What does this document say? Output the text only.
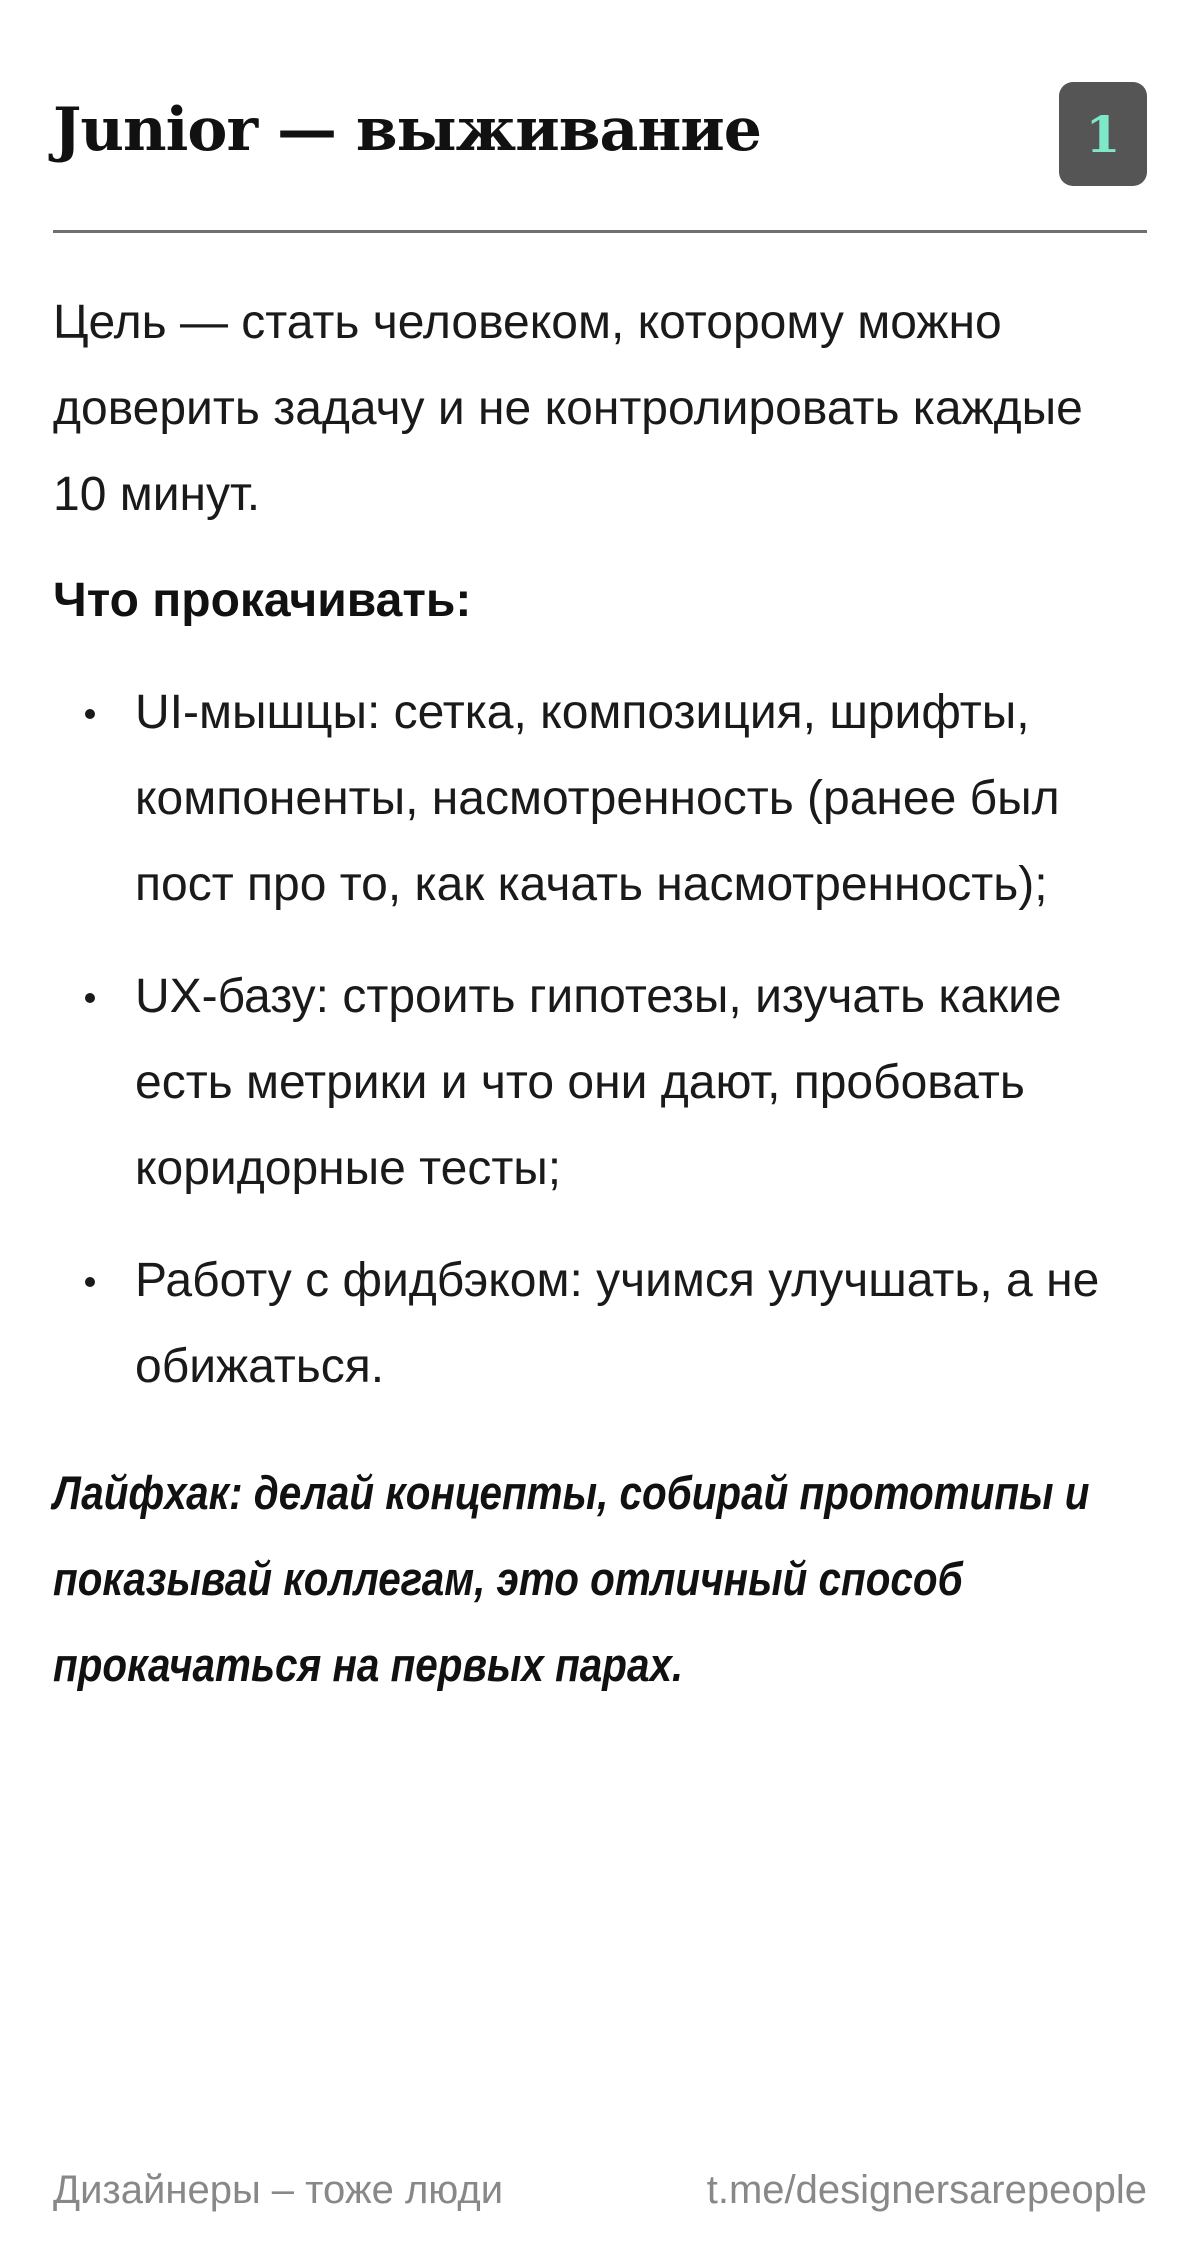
Junior — выживание	1

Цель — стать человеком, которому можно доверить задачу и не контролировать каждые 10 минут.

Что прокачивать:

UI-мышцы: сетка, композиция, шрифты, компоненты, насмотренность (ранее был пост про то, как качать насмотренность);
UX-базу: строить гипотезы, изучать какие есть метрики и что они дают, пробовать коридорные тесты;
Работу с фидбэком: учимся улучшать, а не обижаться.

Лайфхак: делай концепты, собирай прототипы и показывай коллегам, это отличный способ прокачаться на первых парах.

Дизайнеры – тоже люди	t.me/designersarepeople
